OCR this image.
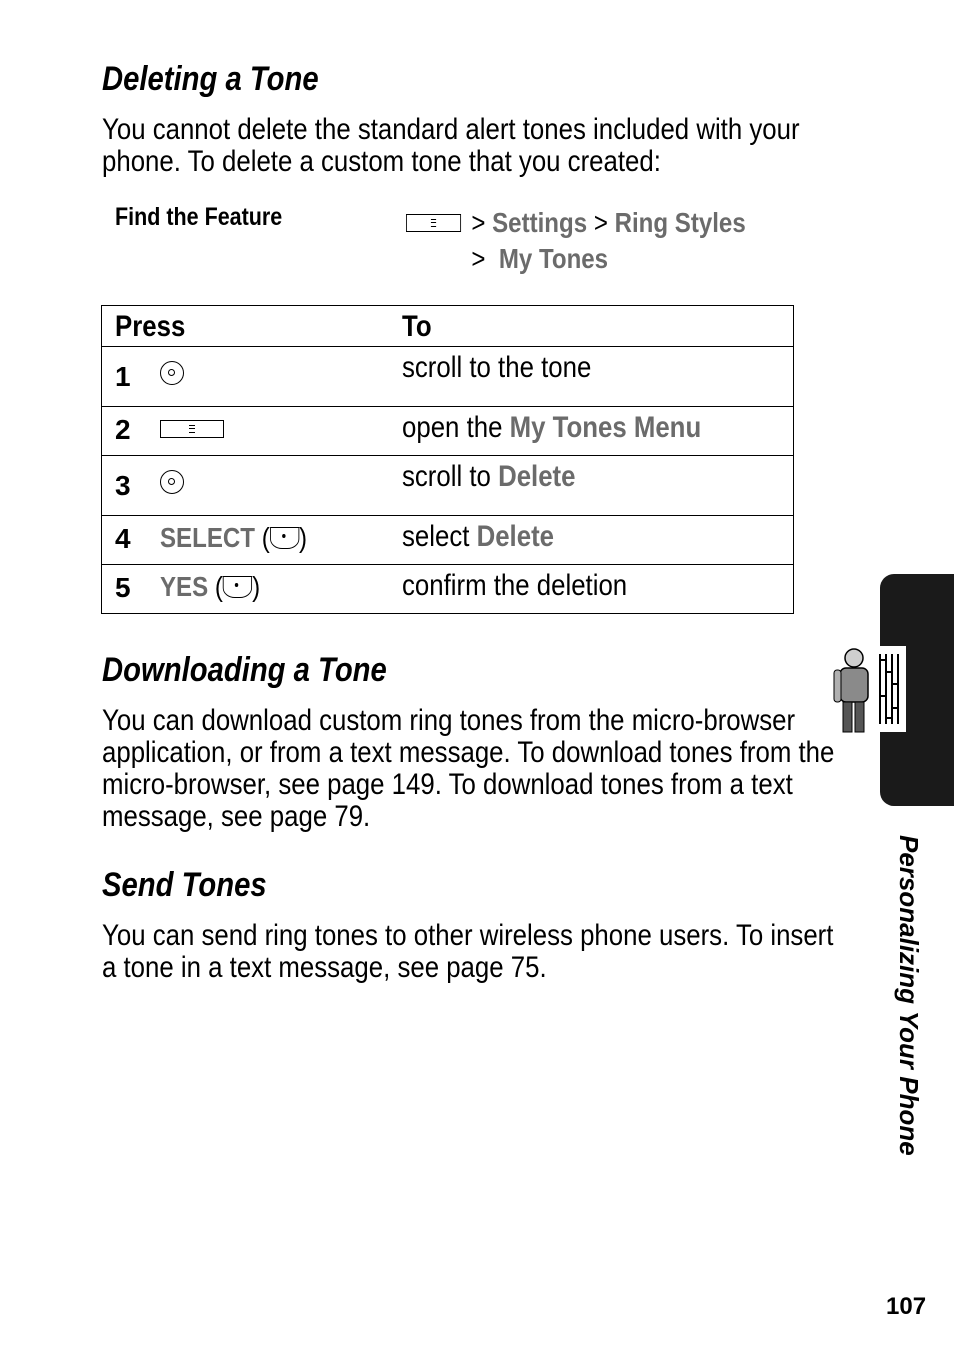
Deleting a Tone

You cannot delete the standard alert tones included with your phone. To delete a custom tone that you created:

Find the Feature	>
Settings
>
Ring Styles
> My Tones
Press	To

1	scroll to the tone

2	open the My Tones Menu

3	scroll to Delete

4 SELECT ( )	select Delete

5 YES ( )	confirm the deletion
Downloading a Tone

You can download custom ring tones from the micro-browser application, or from a text message. To download tones from the micro-browser, see page 149. To download tones from a text message, see page 79.

Send Tones

You can send ring tones to other wireless phone users. To insert a tone in a text message, see page 75.	Personalizing Your Phone
107
